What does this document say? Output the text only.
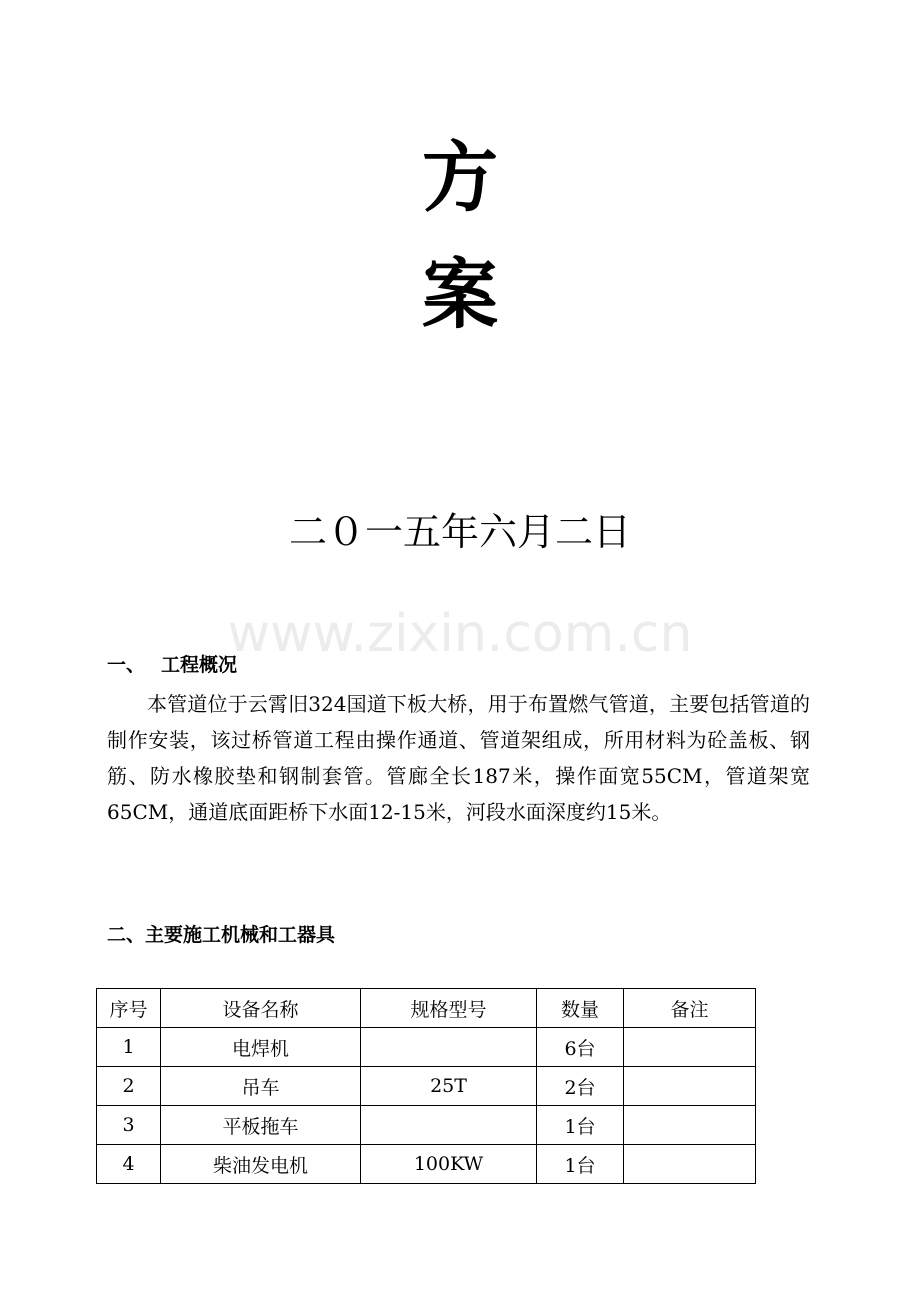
方
案
二０一五年六月二日
www.zixin.com.cn
一、 工程概况

本管道位于云霄旧324国道下板大桥，用于布置燃气管道，主要包括管道的制作安装，该过桥管道工程由操作通道、管道架组成，所用材料为砼盖板、钢筋、防水橡胶垫和钢制套管。管廊全长187米，操作面宽55CM，管道架宽65CM，通道底面距桥下水面12-15米，河段水面深度约15米。

二、主要施工机械和工器具
序号	设备名称	规格型号	数量	备注
1	电焊机		6台	
2	吊车	25T	2台	
3	平板拖车		1台	
4	柴油发电机	100KW	1台	
